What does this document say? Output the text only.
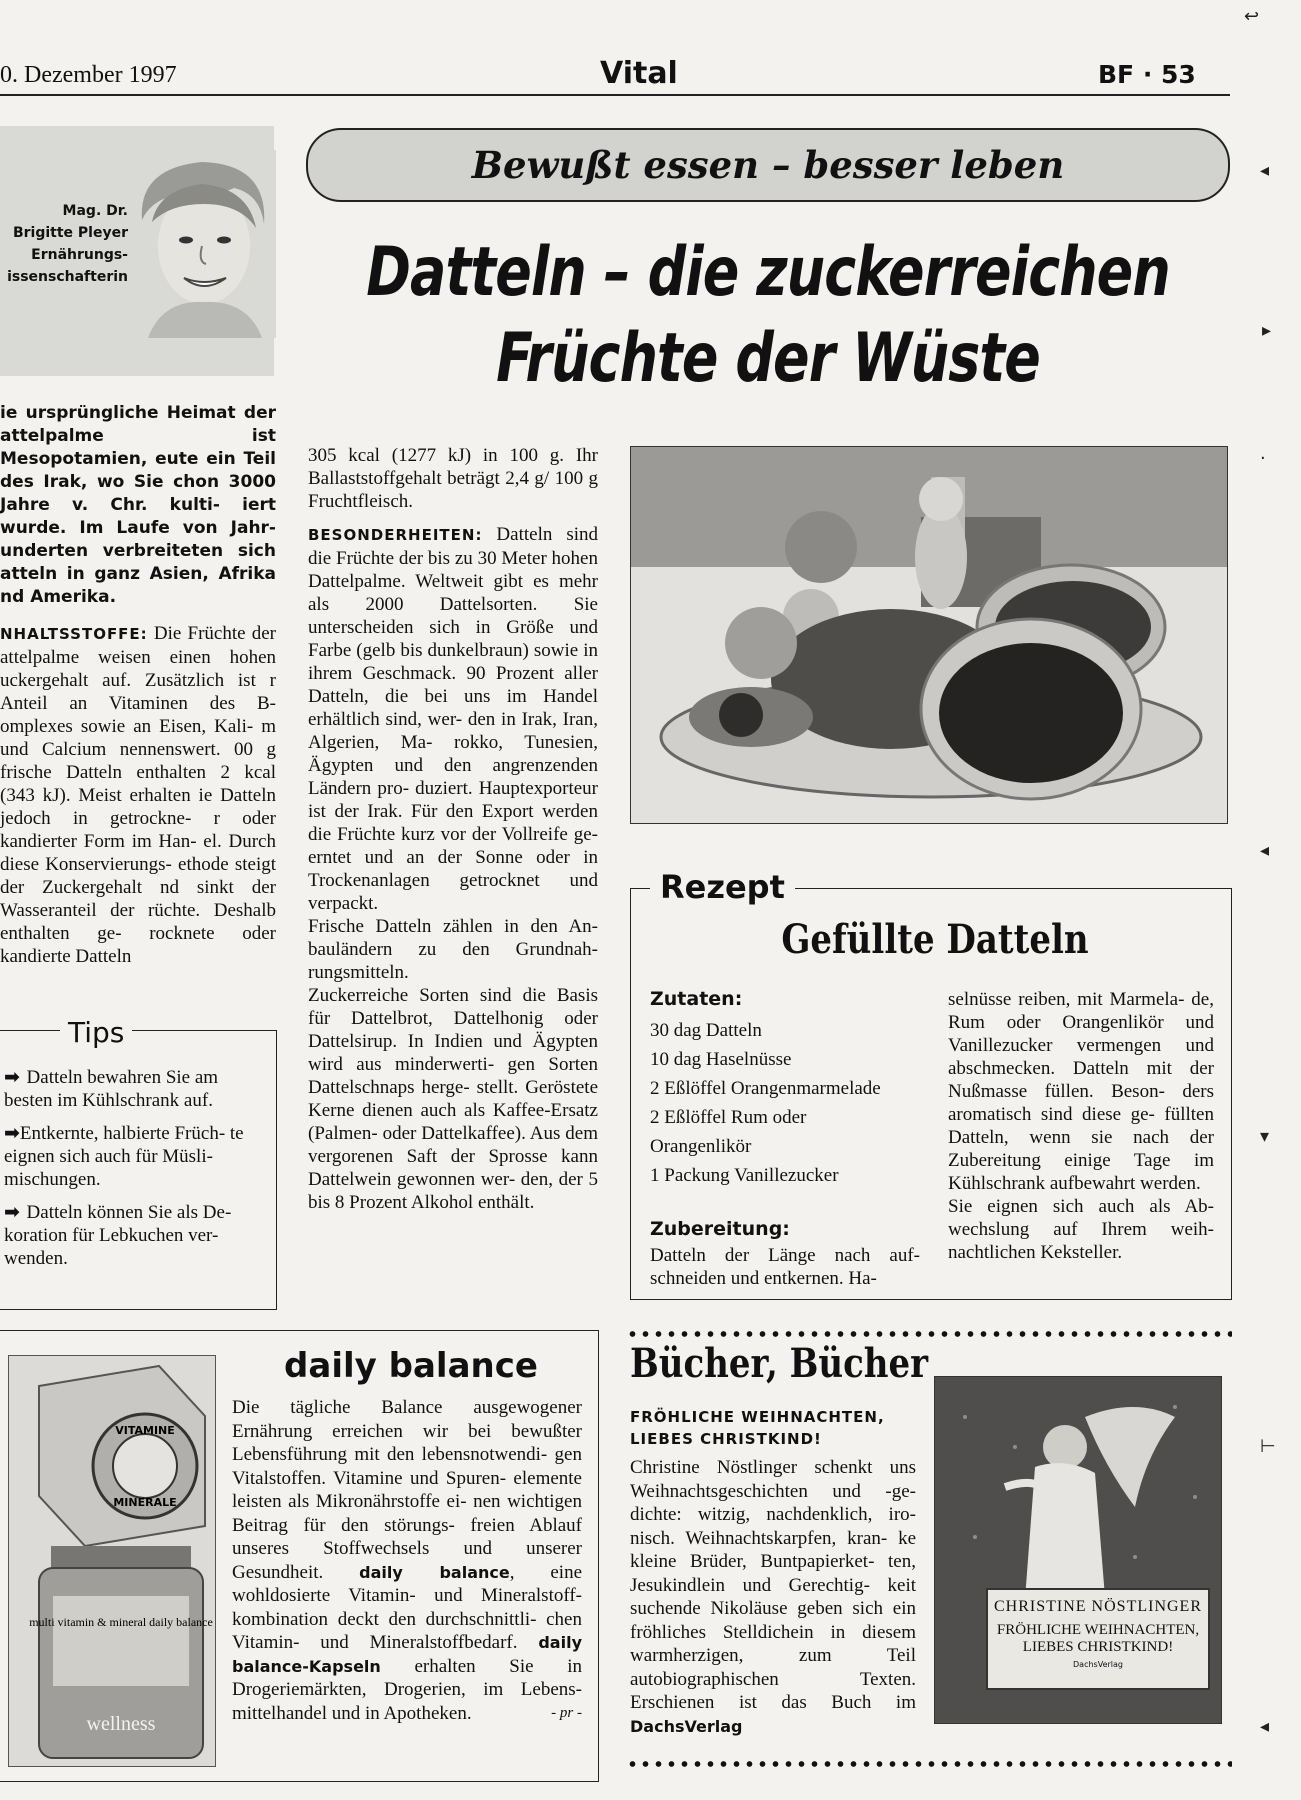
0. Dezember 1997	Vital	BF · 53
↩
◂
▸
·
◂
▾
⊢
◂
Mag. Dr.
Brigitte Pleyer
Ernährungs-
issenschafterin
Bewußt essen – besser leben
Datteln – die zuckerreichen
Früchte der Wüste
ie ursprüngliche Heimat der attelpalme ist Mesopotamien, eute ein Teil des Irak, wo Sie chon 3000 Jahre v. Chr. kulti- iert wurde. Im Laufe von Jahr- underten verbreiteten sich atteln in ganz Asien, Afrika nd Amerika.
NHALTSSTOFFE: Die Früchte der attelpalme weisen einen hohen uckergehalt auf. Zusätzlich ist r Anteil an Vitaminen des B- omplexes sowie an Eisen, Kali- m und Calcium nennenswert. 00 g frische Datteln enthalten 2 kcal (343 kJ). Meist erhalten ie Datteln jedoch in getrockne- r oder kandierter Form im Han- el. Durch diese Konservierungs- ethode steigt der Zuckergehalt nd sinkt der Wasseranteil der rüchte. Deshalb enthalten ge- rocknete oder kandierte Datteln
Tips
➡ Datteln bewahren Sie am besten im Kühlschrank auf.
➡Entkernte, halbierte Früch- te eignen sich auch für Müsli- mischungen.
➡ Datteln können Sie als De- koration für Lebkuchen ver- wenden.

305 kcal (1277 kJ) in 100 g. Ihr Ballaststoffgehalt beträgt 2,4 g/ 100 g Fruchtfleisch.

BESONDERHEITEN: Datteln sind die Früchte der bis zu 30 Meter hohen Dattelpalme. Weltweit gibt es mehr als 2000 Dattelsorten. Sie unterscheiden sich in Größe und Farbe (gelb bis dunkelbraun) sowie in ihrem Geschmack. 90 Prozent aller Datteln, die bei uns im Handel erhältlich sind, wer- den in Irak, Iran, Algerien, Ma- rokko, Tunesien, Ägypten und den angrenzenden Ländern pro- duziert. Hauptexporteur ist der Irak. Für den Export werden die Früchte kurz vor der Vollreife ge- erntet und an der Sonne oder in Trockenanlagen getrocknet und verpackt.

Frische Datteln zählen in den An- bauländern zu den Grundnah- rungsmitteln.

Zuckerreiche Sorten sind die Basis für Dattelbrot, Dattelhonig oder Dattelsirup. In Indien und Ägypten wird aus minderwerti- gen Sorten Dattelschnaps herge- stellt. Geröstete Kerne dienen auch als Kaffee-Ersatz (Palmen- oder Dattelkaffee). Aus dem vergorenen Saft der Sprosse kann Dattelwein gewonnen wer- den, der 5 bis 8 Prozent Alkohol enthält.

Rezept
Gefüllte Datteln
Zutaten:
30 dag Datteln
10 dag Haselnüsse
2 Eßlöffel Orangenmarmelade
2 Eßlöffel Rum oder
Orangenlikör
1 Packung Vanillezucker
Zubereitung:
Datteln der Länge nach auf- schneiden und entkernen. Ha-
selnüsse reiben, mit Marmela- de, Rum oder Orangenlikör und Vanillezucker vermengen und abschmecken. Datteln mit der Nußmasse füllen. Beson- ders aromatisch sind diese ge- füllten Datteln, wenn sie nach der Zubereitung einige Tage im Kühlschrank aufbewahrt werden.
Sie eignen sich auch als Ab- wechslung auf Ihrem weih- nachtlichen Keksteller.
VITAMINE
MINERALE
multi vitamin & mineral daily balance
wellness
daily balance
Die tägliche Balance ausgewogener Ernährung erreichen wir bei bewußter Lebensführung mit den lebensnotwendi- gen Vitalstoffen. Vitamine und Spuren- elemente leisten als Mikronährstoffe ei- nen wichtigen Beitrag für den störungs- freien Ablauf unseres Stoffwechsels und unserer Gesundheit. daily balance, eine wohldosierte Vitamin- und Mineralstoff- kombination deckt den durchschnittli- chen Vitamin- und Mineralstoffbedarf. daily balance-Kapseln erhalten Sie in Drogeriemärkten, Drogerien, im Lebens- mittelhandel und in Apotheken.	- pr -
Bücher, Bücher
FRÖHLICHE WEIHNACHTEN,
LIEBES CHRISTKIND!
Christine Nöstlinger schenkt uns Weihnachtsgeschichten und -ge- dichte: witzig, nachdenklich, iro- nisch. Weihnachtskarpfen, kran- ke kleine Brüder, Buntpapierket- ten, Jesukindlein und Gerechtig- keit suchende Nikoläuse geben sich ein fröhliches Stelldichein in diesem warmherzigen, zum Teil autobiographischen Texten. Erschienen ist das Buch im DachsVerlag
CHRISTINE NÖSTLINGER
FRÖHLICHE WEIHNACHTEN,
LIEBES CHRISTKIND!
DachsVerlag
